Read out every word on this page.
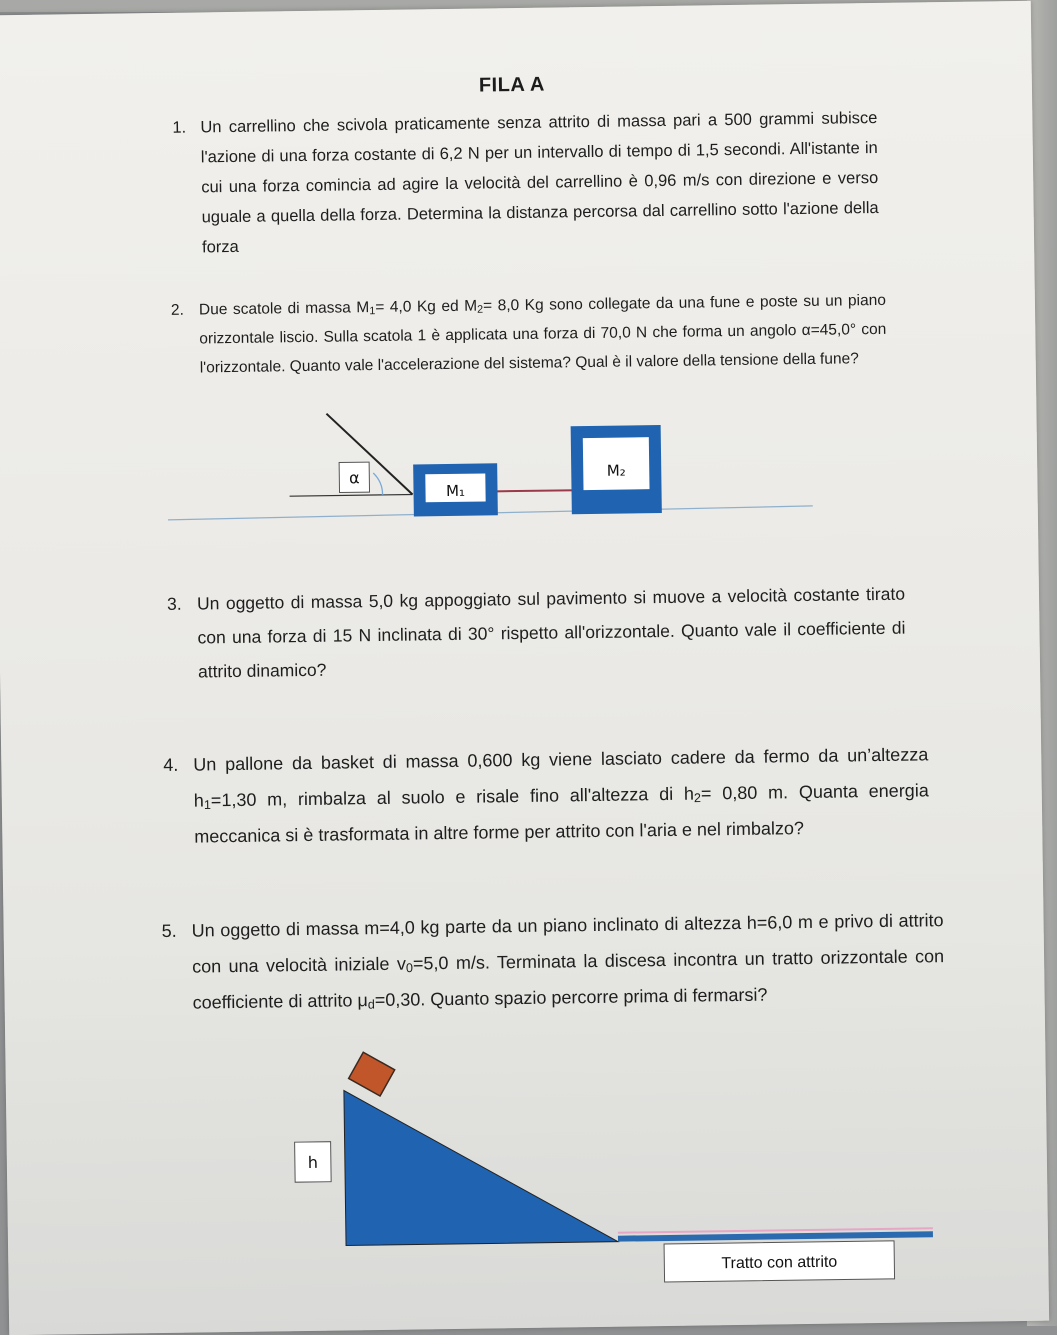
FILA A
1. Un carrellino che scivola praticamente senza attrito di massa pari a 500 grammi subisce l'azione di una forza costante di 6,2 N per un intervallo di tempo di 1,5 secondi. All'istante in cui una forza comincia ad agire la velocità del carrellino è 0,96 m/s con direzione e verso uguale a quella della forza. Determina la distanza percorsa dal carrellino sotto l'azione della forza
2. Due scatole di massa $M_1= 4,0$ Kg ed $M_2= 8,0$ Kg sono collegate da una fune e poste su un piano orizzontale liscio. Sulla scatola 1 è applicata una forza di 70,0 N che forma un angolo α=45,0° con l'orizzontale. Quanto vale l'accelerazione del sistema? Qual è il valore della tensione della fune?
α
M₁
M₂
3. Un oggetto di massa 5,0 kg appoggiato sul pavimento si muove a velocità costante tirato con una forza di 15 N inclinata di 30° rispetto all'orizzontale. Quanto vale il coefficiente di attrito dinamico?
4. Un pallone da basket di massa 0,600 kg viene lasciato cadere da fermo da un’altezza $h_1=1,30$ m, rimbalza al suolo e risale fino all'altezza di $h_2= 0,80$ m. Quanta energia meccanica si è trasformata in altre forme per attrito con l'aria e nel rimbalzo?
5. Un oggetto di massa m=4,0 kg parte da un piano inclinato di altezza h=6,0 m e privo di attrito con una velocità iniziale $v_0=5,0$ m/s. Terminata la discesa incontra un tratto orizzontale con coefficiente di attrito $\mu_d=0,30$. Quanto spazio percorre prima di fermarsi?
h
Tratto con attrito
